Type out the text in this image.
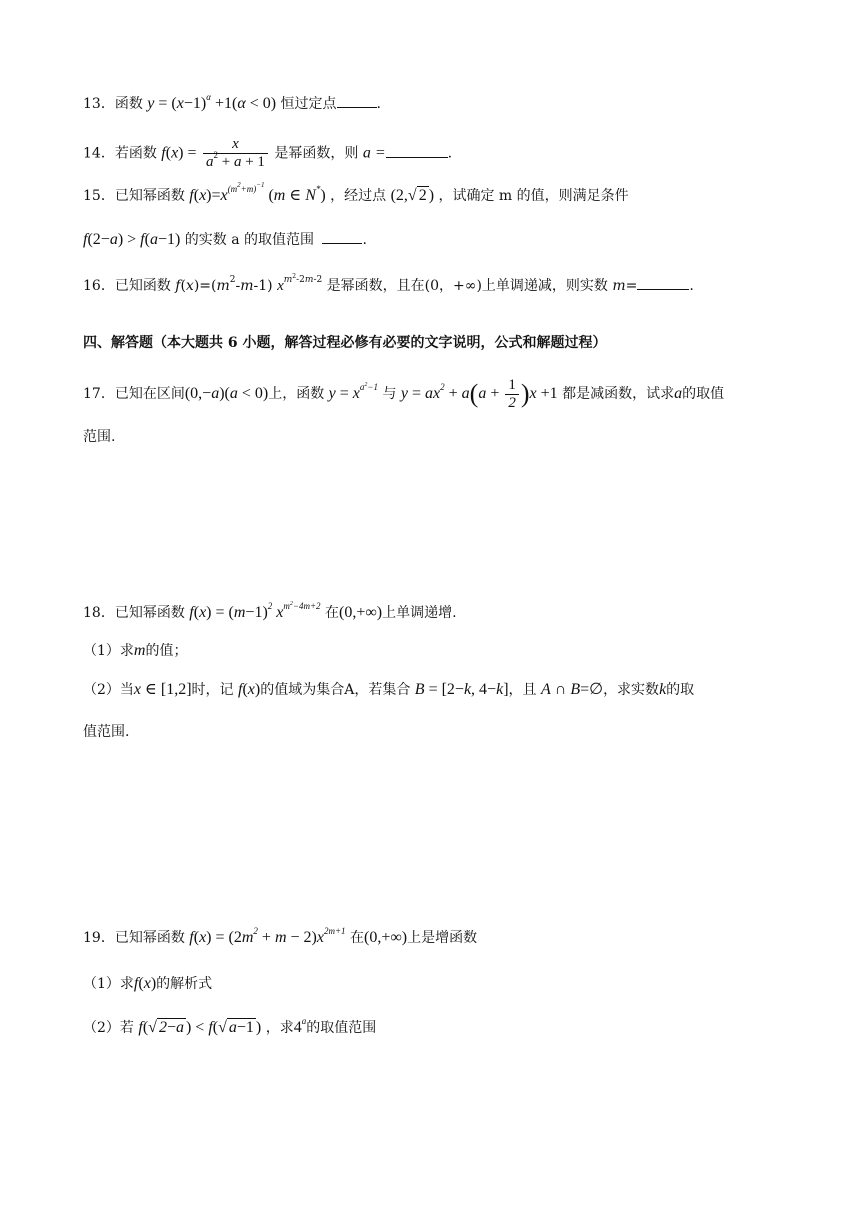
13．函数 $y = (x-1)^\alpha +1(\alpha < 0)$ 恒过定点	.
14．若函数 $f(x) = \frac{x}{a^2 + a + 1}$ 是幂函数，则 a =	.
15．已知幂函数 $f(x)=x^{(m^2+m)^{-1}}$ (m ∈ N*) ，经过点 (2,√ 2 ) ，试确定 m 的值，则满足条件
f(2−a) > f(a−1) 的实数 a 的取值范围	.
16．已知函数 $f(x)=(m^2-m-1)$ $x^{m^2-2m-2}$ 是幂函数，且在(0，+∞)上单调递减，则实数 m=	.
四、解答题（本大题共 6 小题，解答过程必修有必要的文字说明，公式和解题过程）
17．已知在区间(0,−a)(a < 0)上，函数 $y = x^{a^2-1}$ 与 $y = ax^2 + a(a + \frac{1}{2} )x +1$ 都是减函数，试求a的取值
范围.
18．已知幂函数 $f(x) = (m-1)^2$ $x^{m^2-4m+2}$ 在(0,+∞)上单调递增.
（1）求m的值；
（2）当x ∈ [1,2]时，记 f(x)的值域为集合A，若集合 B = [2−k, 4−k]，且 A ∩ B=∅，求实数k的取
值范围.
19．已知幂函数 $f(x) = (2m^2 + m - 2)x^{2m+1}$ 在(0,+∞)上是增函数
（1）求f(x)的解析式
（2）若 f(√ 2−a ) < f(√ a−1 ) ，求4$^a$的取值范围
